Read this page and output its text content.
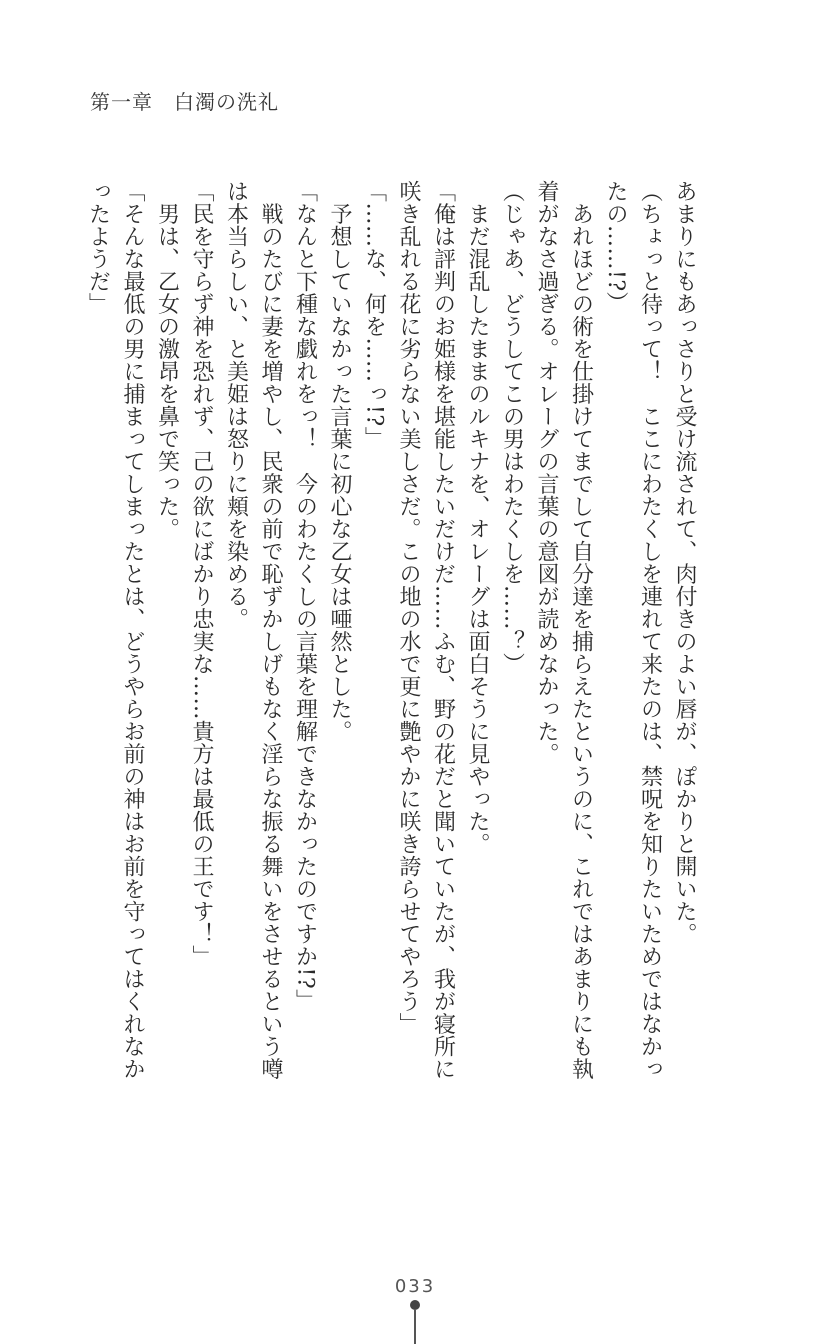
第一章　白濁の洗礼
あまりにもあっさりと受け流されて、肉付きのよい唇が、ぽかりと開いた。
（ちょっと待って！　ここにわたくしを連れて来たのは、禁呪を知りたいためではなかっ
たの……!?）
　あれほどの術を仕掛けてまでして自分達を捕らえたというのに、これではあまりにも執
着がなさ過ぎる。オレーグの言葉の意図が読めなかった。
（じゃあ、どうしてこの男はわたくしを……？）
　まだ混乱したままのルキナを、オレーグは面白そうに見やった。
「俺は評判のお姫様を堪能したいだけだ……ふむ、野の花だと聞いていたが、我が寝所に
咲き乱れる花に劣らない美しさだ。この地の水で更に艶やかに咲き誇らせてやろう」
「……な、何を……っ!?」
　予想していなかった言葉に初心な乙女は唖然とした。
「なんと下種な戯れをっ！　今のわたくしの言葉を理解できなかったのですか!?」
　戦のたびに妻を増やし、民衆の前で恥ずかしげもなく淫らな振る舞いをさせるという噂
は本当らしい、と美姫は怒りに頬を染める。
「民を守らず神を恐れず、己の欲にばかり忠実な……貴方は最低の王です！」
　男は、乙女の激昂を鼻で笑った。
「そんな最低の男に捕まってしまったとは、どうやらお前の神はお前を守ってはくれなか
ったようだ」
033
